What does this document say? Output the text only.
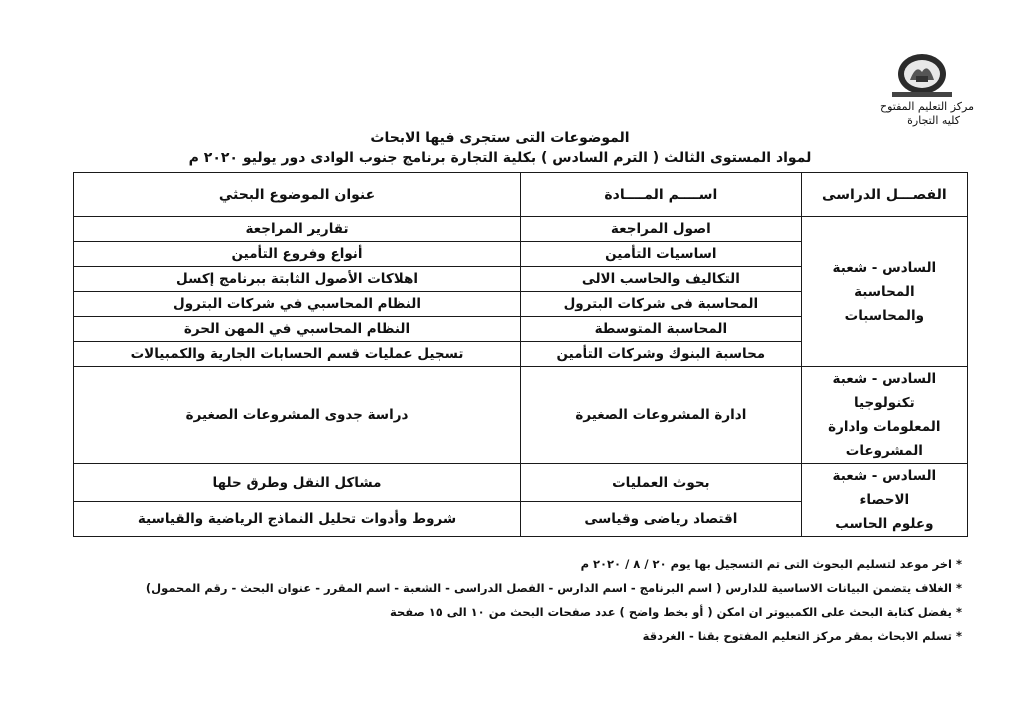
مركز التعليم المفتوح
كليه التجارة
الموضوعات التى ستجرى فيها الابحاث
لمواد المستوى الثالث ( الترم السادس ) بكلية التجارة برنامج جنوب الوادى دور يوليو ٢٠٢٠ م
الفصـــل الدراسى	اســــم المــــادة	عنوان الموضوع البحثي

السادس - شعبة المحاسبة
والمحاسبات	اصول المراجعة	تقارير المراجعة
	اساسيات التأمين	أنواع وفروع التأمين
	التكاليف والحاسب الالى	اهلاكات الأصول الثابتة ببرنامج إكسل
	المحاسبة فى شركات البترول	النظام المحاسبي في شركات البترول
	المحاسبة المتوسطة	النظام المحاسبي في المهن الحرة
	محاسبة البنوك وشركات التأمين	تسجيل عمليات قسم الحسابات الجارية والكمبيالات

السادس - شعبة تكنولوجيا
المعلومات وادارة
المشروعات	ادارة المشروعات الصغيرة	دراسة جدوى المشروعات الصغيرة

السادس - شعبة الاحصاء
وعلوم الحاسب	بحوث العمليات	مشاكل النقل وطرق حلها
	اقتصاد رياضى وقياسى	شروط وأدوات تحليل النماذج الرياضية والقياسية
* اخر موعد لتسليم البحوث التى تم التسجيل بها يوم ٢٠ / ٨ / ٢٠٢٠ م
* الغلاف يتضمن البيانات الاساسية للدارس ( اسم البرنامج - اسم الدارس - الفصل الدراسى - الشعبة - اسم المقرر - عنوان البحث - رقم المحمول)
* يفضل كتابة البحث على الكمبيوتر ان امكن ( أو بخط واضح ) عدد صفحات البحث من ١٠ الى ١٥ صفحة
* تسلم الابحاث بمقر مركز التعليم المفتوح بقنا - الغردقة
